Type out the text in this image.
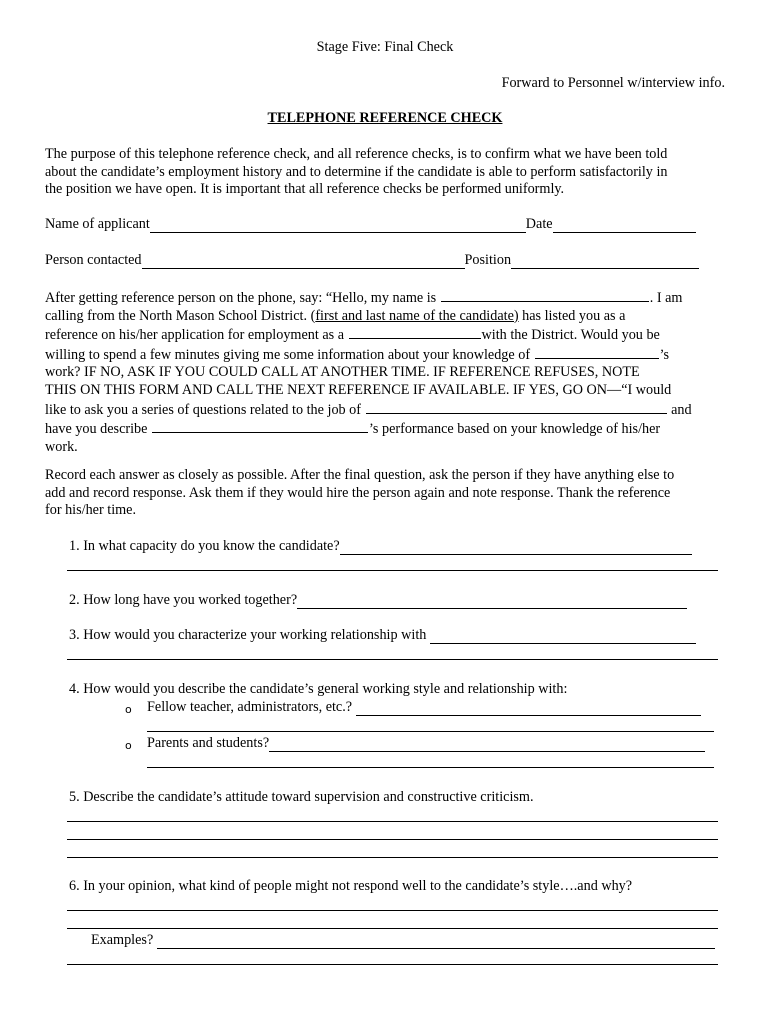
Stage Five: Final Check
Forward to Personnel w/interview info.
TELEPHONE REFERENCE CHECK
The purpose of this telephone reference check, and all reference checks, is to confirm what we have been told
about the candidate’s employment history and to determine if the candidate is able to perform satisfactorily in
the position we have open. It is important that all reference checks be performed uniformly.
Name of applicant	Date
Person contacted	Position
After getting reference person on the phone, say: “Hello, my name is	. I am
calling from the North Mason School District. (first and last name of the candidate) has listed you as a
reference on his/her application for employment as a	with the District. Would you be
willing to spend a few minutes giving me some information about your knowledge of	’s
work? IF NO, ASK IF YOU COULD CALL AT ANOTHER TIME. IF REFERENCE REFUSES, NOTE
THIS ON THIS FORM AND CALL THE NEXT REFERENCE IF AVAILABLE. IF YES, GO ON—“I would
like to ask you a series of questions related to the job of	and
have you describe	’s performance based on your knowledge of his/her
work.
Record each answer as closely as possible. After the final question, ask the person if they have anything else to
add and record response. Ask them if they would hire the person again and note response. Thank the reference
for his/her time.
1. In what capacity do you know the candidate?
2. How long have you worked together?
3. How would you characterize your working relationship with
4. How would you describe the candidate’s general working style and relationship with:
o	Fellow teacher, administrators, etc.?
o	Parents and students?
5. Describe the candidate’s attitude toward supervision and constructive criticism.
6. In your opinion, what kind of people might not respond well to the candidate’s style….and why?
Examples?
